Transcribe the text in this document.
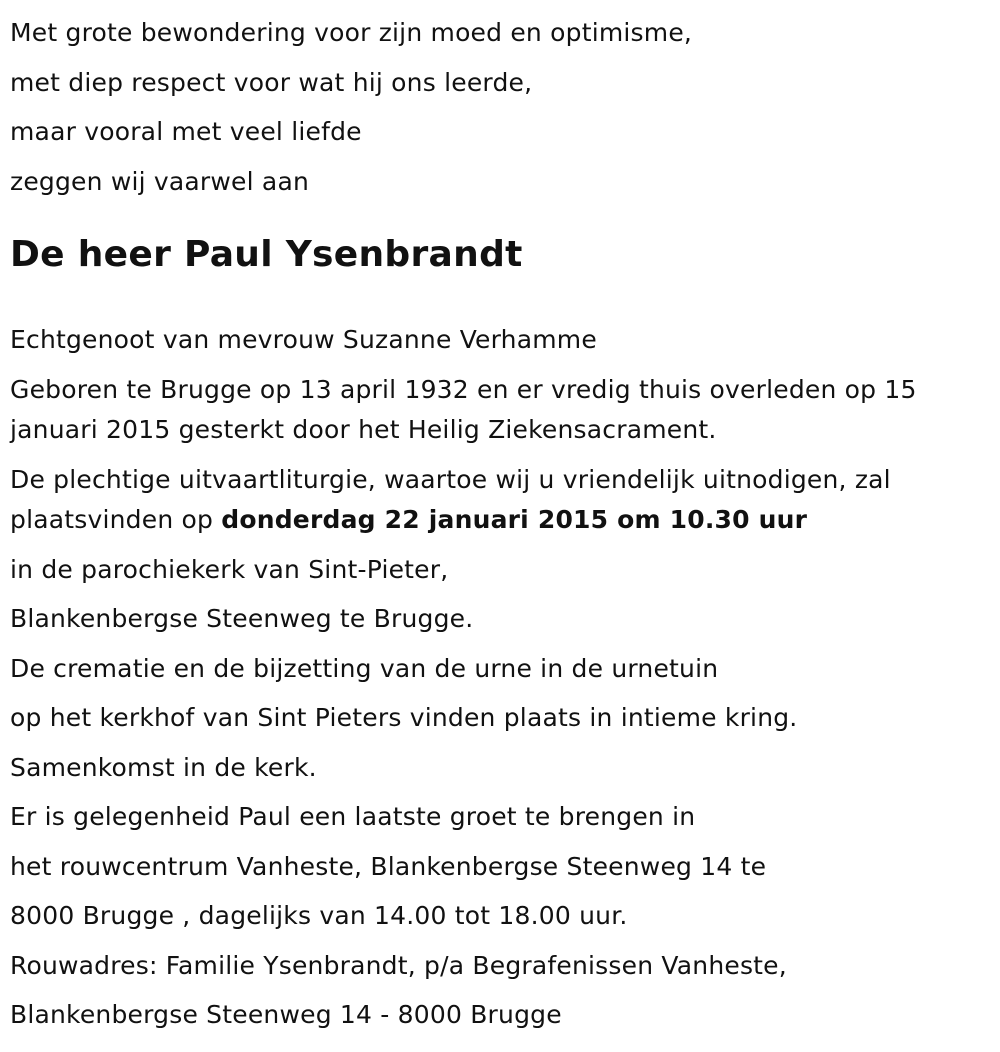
Met grote bewondering voor zijn moed en optimisme,

met diep respect voor wat hij ons leerde,

maar vooral met veel liefde

zeggen wij vaarwel aan

De heer Paul Ysenbrandt

Echtgenoot van mevrouw Suzanne Verhamme

Geboren te Brugge op 13 april 1932 en er vredig thuis overleden op 15 januari 2015 gesterkt door het Heilig Ziekensacrament.

De plechtige uitvaartliturgie, waartoe wij u vriendelijk uitnodigen, zal plaatsvinden op donderdag 22 januari 2015 om 10.30 uur

in de parochiekerk van Sint-Pieter,

Blankenbergse Steenweg te Brugge.

De crematie en de bijzetting van de urne in de urnetuin

op het kerkhof van Sint Pieters vinden plaats in intieme kring.

Samenkomst in de kerk.

Er is gelegenheid Paul een laatste groet te brengen in

het rouwcentrum Vanheste, Blankenbergse Steenweg 14 te

8000 Brugge , dagelijks van 14.00 tot 18.00 uur.

Rouwadres: Familie Ysenbrandt, p/a Begrafenissen Vanheste,

Blankenbergse Steenweg 14 - 8000 Brugge
